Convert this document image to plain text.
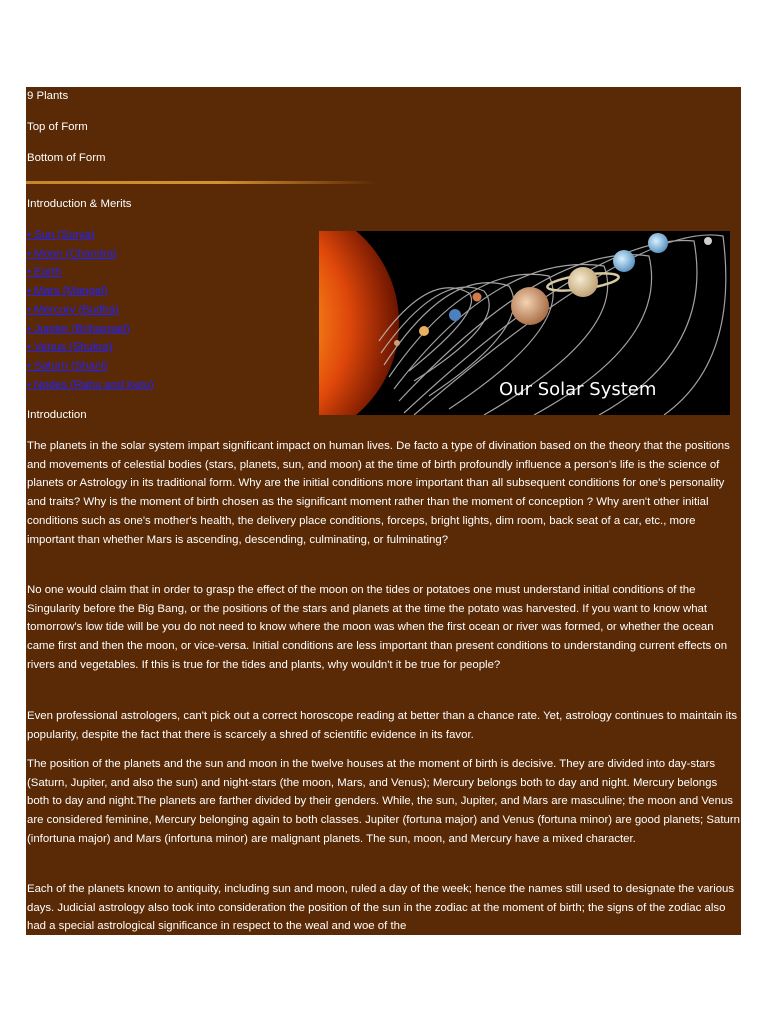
9 Plants
Top of Form
Bottom of Form
Introduction & Merits
• Sun (Surya)
• Moon (Chandra)
• Earth
• Mars (Mangal)
• Mercury (Budha)
• Jupiter (Brihaspati)
• Venus (Shukra)
• Saturn (Shani)
• Nodes (Rahu and Ketu)	Our Solar System
Introduction

The planets in the solar system impart significant impact on human lives. De facto a type of divination based on the theory that the positions and movements of celestial bodies (stars, planets, sun, and moon) at the time of birth profoundly influence a person's life is the science of planets or Astrology in its traditional form. Why are the initial conditions more important than all subsequent conditions for one's personality and traits? Why is the moment of birth chosen as the significant moment rather than the moment of conception ? Why aren't other initial conditions such as one's mother's health, the delivery place conditions, forceps, bright lights, dim room, back seat of a car, etc., more important than whether Mars is ascending, descending, culminating, or fulminating?

No one would claim that in order to grasp the effect of the moon on the tides or potatoes one must understand initial conditions of the Singularity before the Big Bang, or the positions of the stars and planets at the time the potato was harvested. If you want to know what tomorrow's low tide will be you do not need to know where the moon was when the first ocean or river was formed, or whether the ocean came first and then the moon, or vice-versa. Initial conditions are less important than present conditions to understanding current effects on rivers and vegetables. If this is true for the tides and plants, why wouldn't it be true for people?

Even professional astrologers, can't pick out a correct horoscope reading at better than a chance rate. Yet, astrology continues to maintain its popularity, despite the fact that there is scarcely a shred of scientific evidence in its favor.

The position of the planets and the sun and moon in the twelve houses at the moment of birth is decisive. They are divided into day-stars (Saturn, Jupiter, and also the sun) and night-stars (the moon, Mars, and Venus); Mercury belongs both to day and night. Mercury belongs both to day and night.The planets are farther divided by their genders. While, the sun, Jupiter, and Mars are masculine; the moon and Venus are considered feminine, Mercury belonging again to both classes. Jupiter (fortuna major) and Venus (fortuna minor) are good planets; Saturn (infortuna major) and Mars (infortuna minor) are malignant planets. The sun, moon, and Mercury have a mixed character.

Each of the planets known to antiquity, including sun and moon, ruled a day of the week; hence the names still used to designate the various days. Judicial astrology also took into consideration the position of the sun in the zodiac at the moment of birth; the signs of the zodiac also had a special astrological significance in respect to the weal and woe of the
